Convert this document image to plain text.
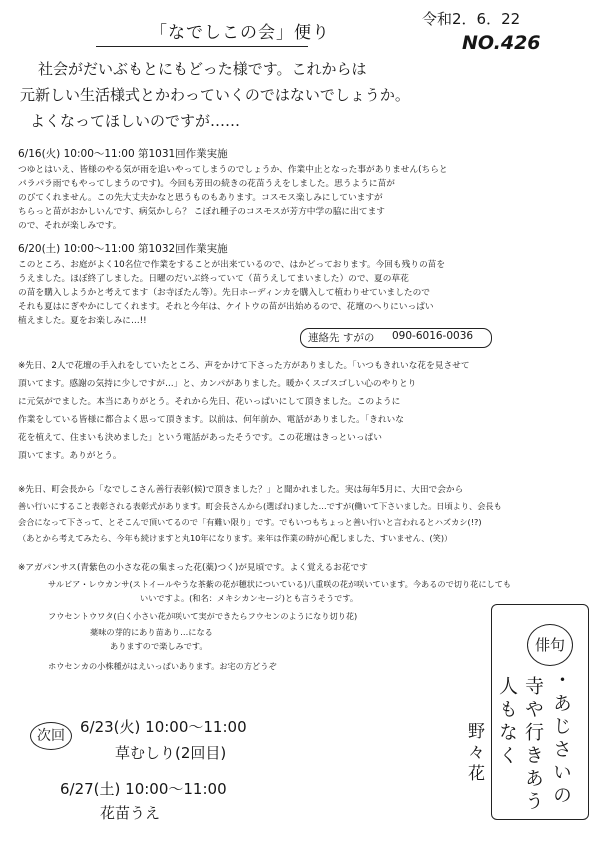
「なでしこの会」便り
令和2．6．22
NO.426
社会がだいぶもとにもどった様です。これからは
元新しい生活様式とかわっていくのではないでしょうか。
よくなってほしいのですが……
6/16(火) 10:00～11:00 第1031回作業実施
つゆとはいえ、皆様のやる気が雨を追いやってしまうのでしょうか、作業中止となった事がありません(ちらと
パラパラ雨でもやってしまうのです)。今回も芳田の続きの花苗うえをしました。思うように苗が
のびてくれません。この先大丈夫かなと思うものもあります。コスモス楽しみにしていますが
ちらっと苗がおかしいんです、病気かしら？ こぼれ種子のコスモスが芳方中学の脇に出てます
ので、それが楽しみです。
6/20(土) 10:00～11:00 第1032回作業実施
このところ、お庭がよく10名位で作業をすることが出来ているので、はかどっております。今回も残りの苗を
うえました。ほぼ終了しました。日曜のだいぶ終っていて（苗うえしてまいました）ので、夏の草花
の苗を購入しようかと考えてます（お寺ぼたん等）。先日ホーディンカを購入して植わりせていましたので
それも夏はにぎやかにしてくれます。それと今年は、ケイトウの苗が出始めるので、花壇のへりにいっぱい
植えました。夏をお楽しみに…!!
連絡先 すがの 090-6016-0036
※先日、2人で花壇の手入れをしていたところ、声をかけて下さった方がありました。「いつもきれいな花を見させて
頂いてます。感謝の気持に少しですが…」と、カンパがありました。暖かくスゴスゴしい心のやりとり
に元気がでました。本当にありがとう。それから先日、花いっぱいにして頂きました。このように
作業をしている皆様に都合よく思って頂きます。以前は、何年前か、電話がありました。「きれいな
花を植えて、住まいも決めました」という電話があったそうです。この花壇はきっといっぱい
頂いてます。ありがとう。
※先日、町会長から「なでしこさん善行表彰(候)で頂きました？」と聞かれました。実は毎年5月に、大田で会から
善い行いにすること表彰される表彰式があります。町会長さんから(選ばれ)ました…ですが(働いて下さいました。日頃より、会長も
会合になって下さって、とそこんで頂いてるので「有難い限り」です。でもいつもちょっと善い行いと言われるとハズカシ(!?)
（あとから考えてみたら、今年も続けますと丸10年になります。来年は作業の時が心配しました、すいません、(笑)）
※アガパンサス(青紫色の小さな花の集まった花(薬)つく)が見頃です。よく覚えるお花です
サルビア・レウカンサ(ストイールやうな茶紫の花が穂状についている)八重咲の花が咲いています。今あるので切り花にしても
いいですよ。(和名：メキシカンセージ)とも言うそうです。
フウセントウワタ(白く小さい花が咲いて実ができたらフウセンのようになり切り花)
薬味の芽的にあり苗あり…になる
ありますので楽しみです。
ホウセンカの小株種がはえいっぱいあります。お宅の方どうぞ
次回	6/23(火) 10:00～11:00
草むしり(2回目)
6/27(土) 10:00～11:00
花苗うえ
俳句
・あじさいの
寺や行きあう
人もなく
野々花
